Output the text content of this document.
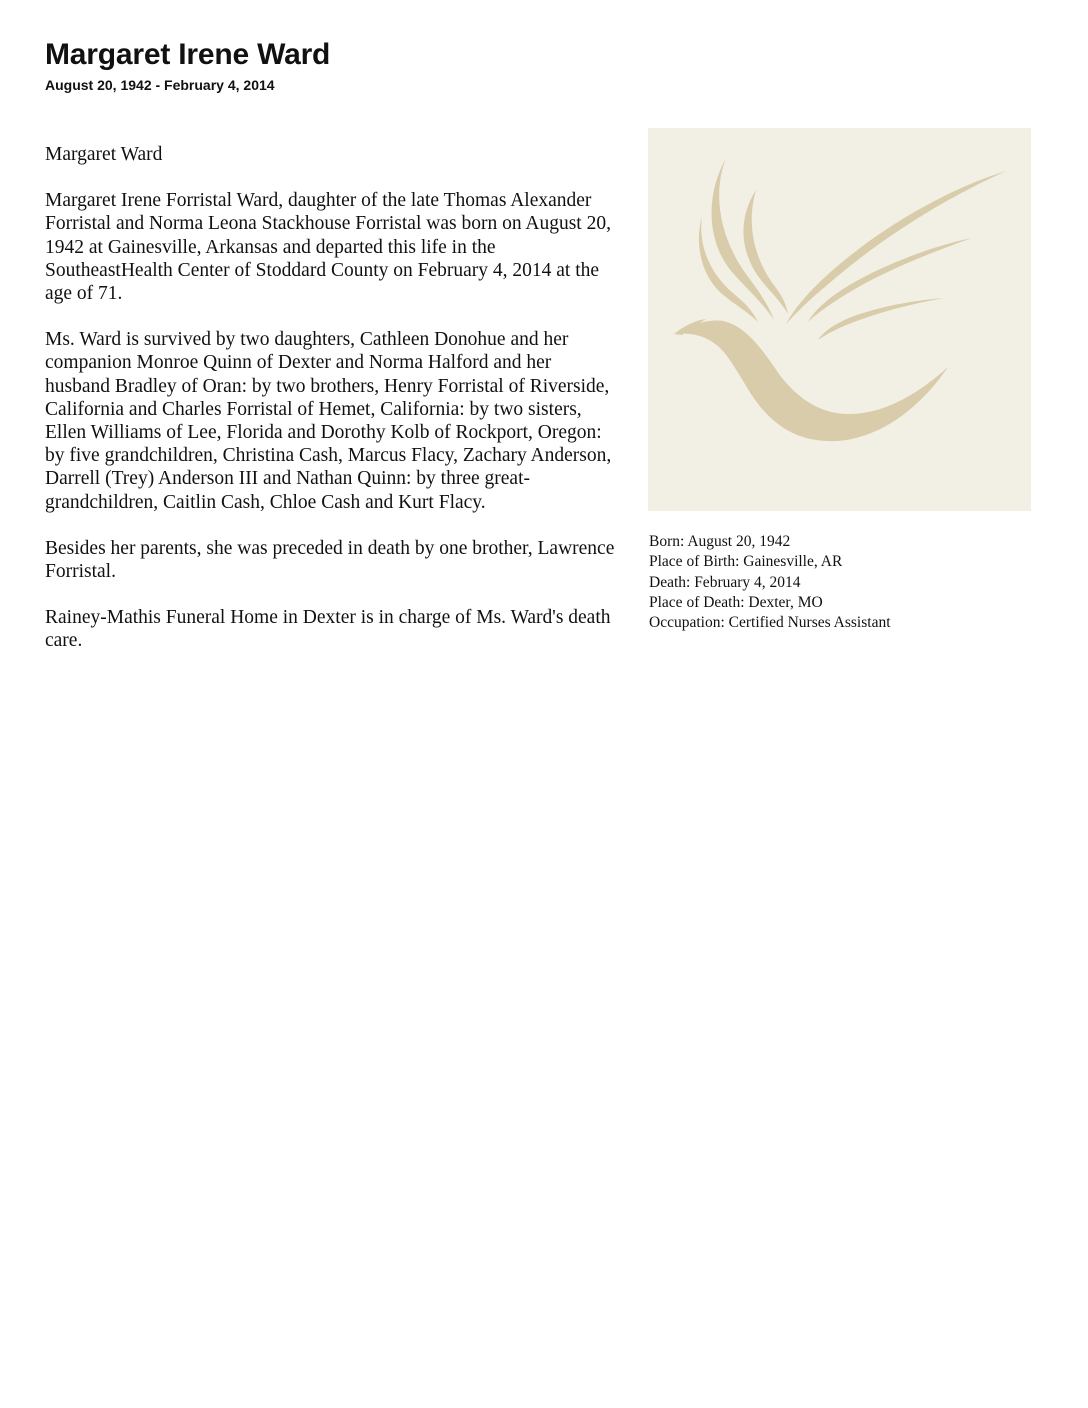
Margaret Irene Ward
August 20, 1942 - February 4, 2014

Margaret Ward

Margaret Irene Forristal Ward, daughter of the late Thomas Alexander Forristal and Norma Leona Stackhouse Forristal was born on August 20, 1942 at Gainesville, Arkansas and departed this life in the SoutheastHealth Center of Stoddard County on February 4, 2014 at the age of 71.

Ms. Ward is survived by two daughters, Cathleen Donohue and her companion Monroe Quinn of Dexter and Norma Halford and her husband Bradley of Oran: by two brothers, Henry Forristal of Riverside, California and Charles Forristal of Hemet, California: by two sisters, Ellen Williams of Lee, Florida and Dorothy Kolb of Rockport, Oregon: by five grandchildren, Christina Cash, Marcus Flacy, Zachary Anderson, Darrell (Trey) Anderson III and Nathan Quinn: by three great-grandchildren, Caitlin Cash, Chloe Cash and Kurt Flacy.

Besides her parents, she was preceded in death by one brother, Lawrence Forristal.

Rainey-Mathis Funeral Home in Dexter is in charge of Ms. Ward's death care.

Born: August 20, 1942
Place of Birth: Gainesville, AR
Death: February 4, 2014
Place of Death: Dexter, MO
Occupation: Certified Nurses Assistant
